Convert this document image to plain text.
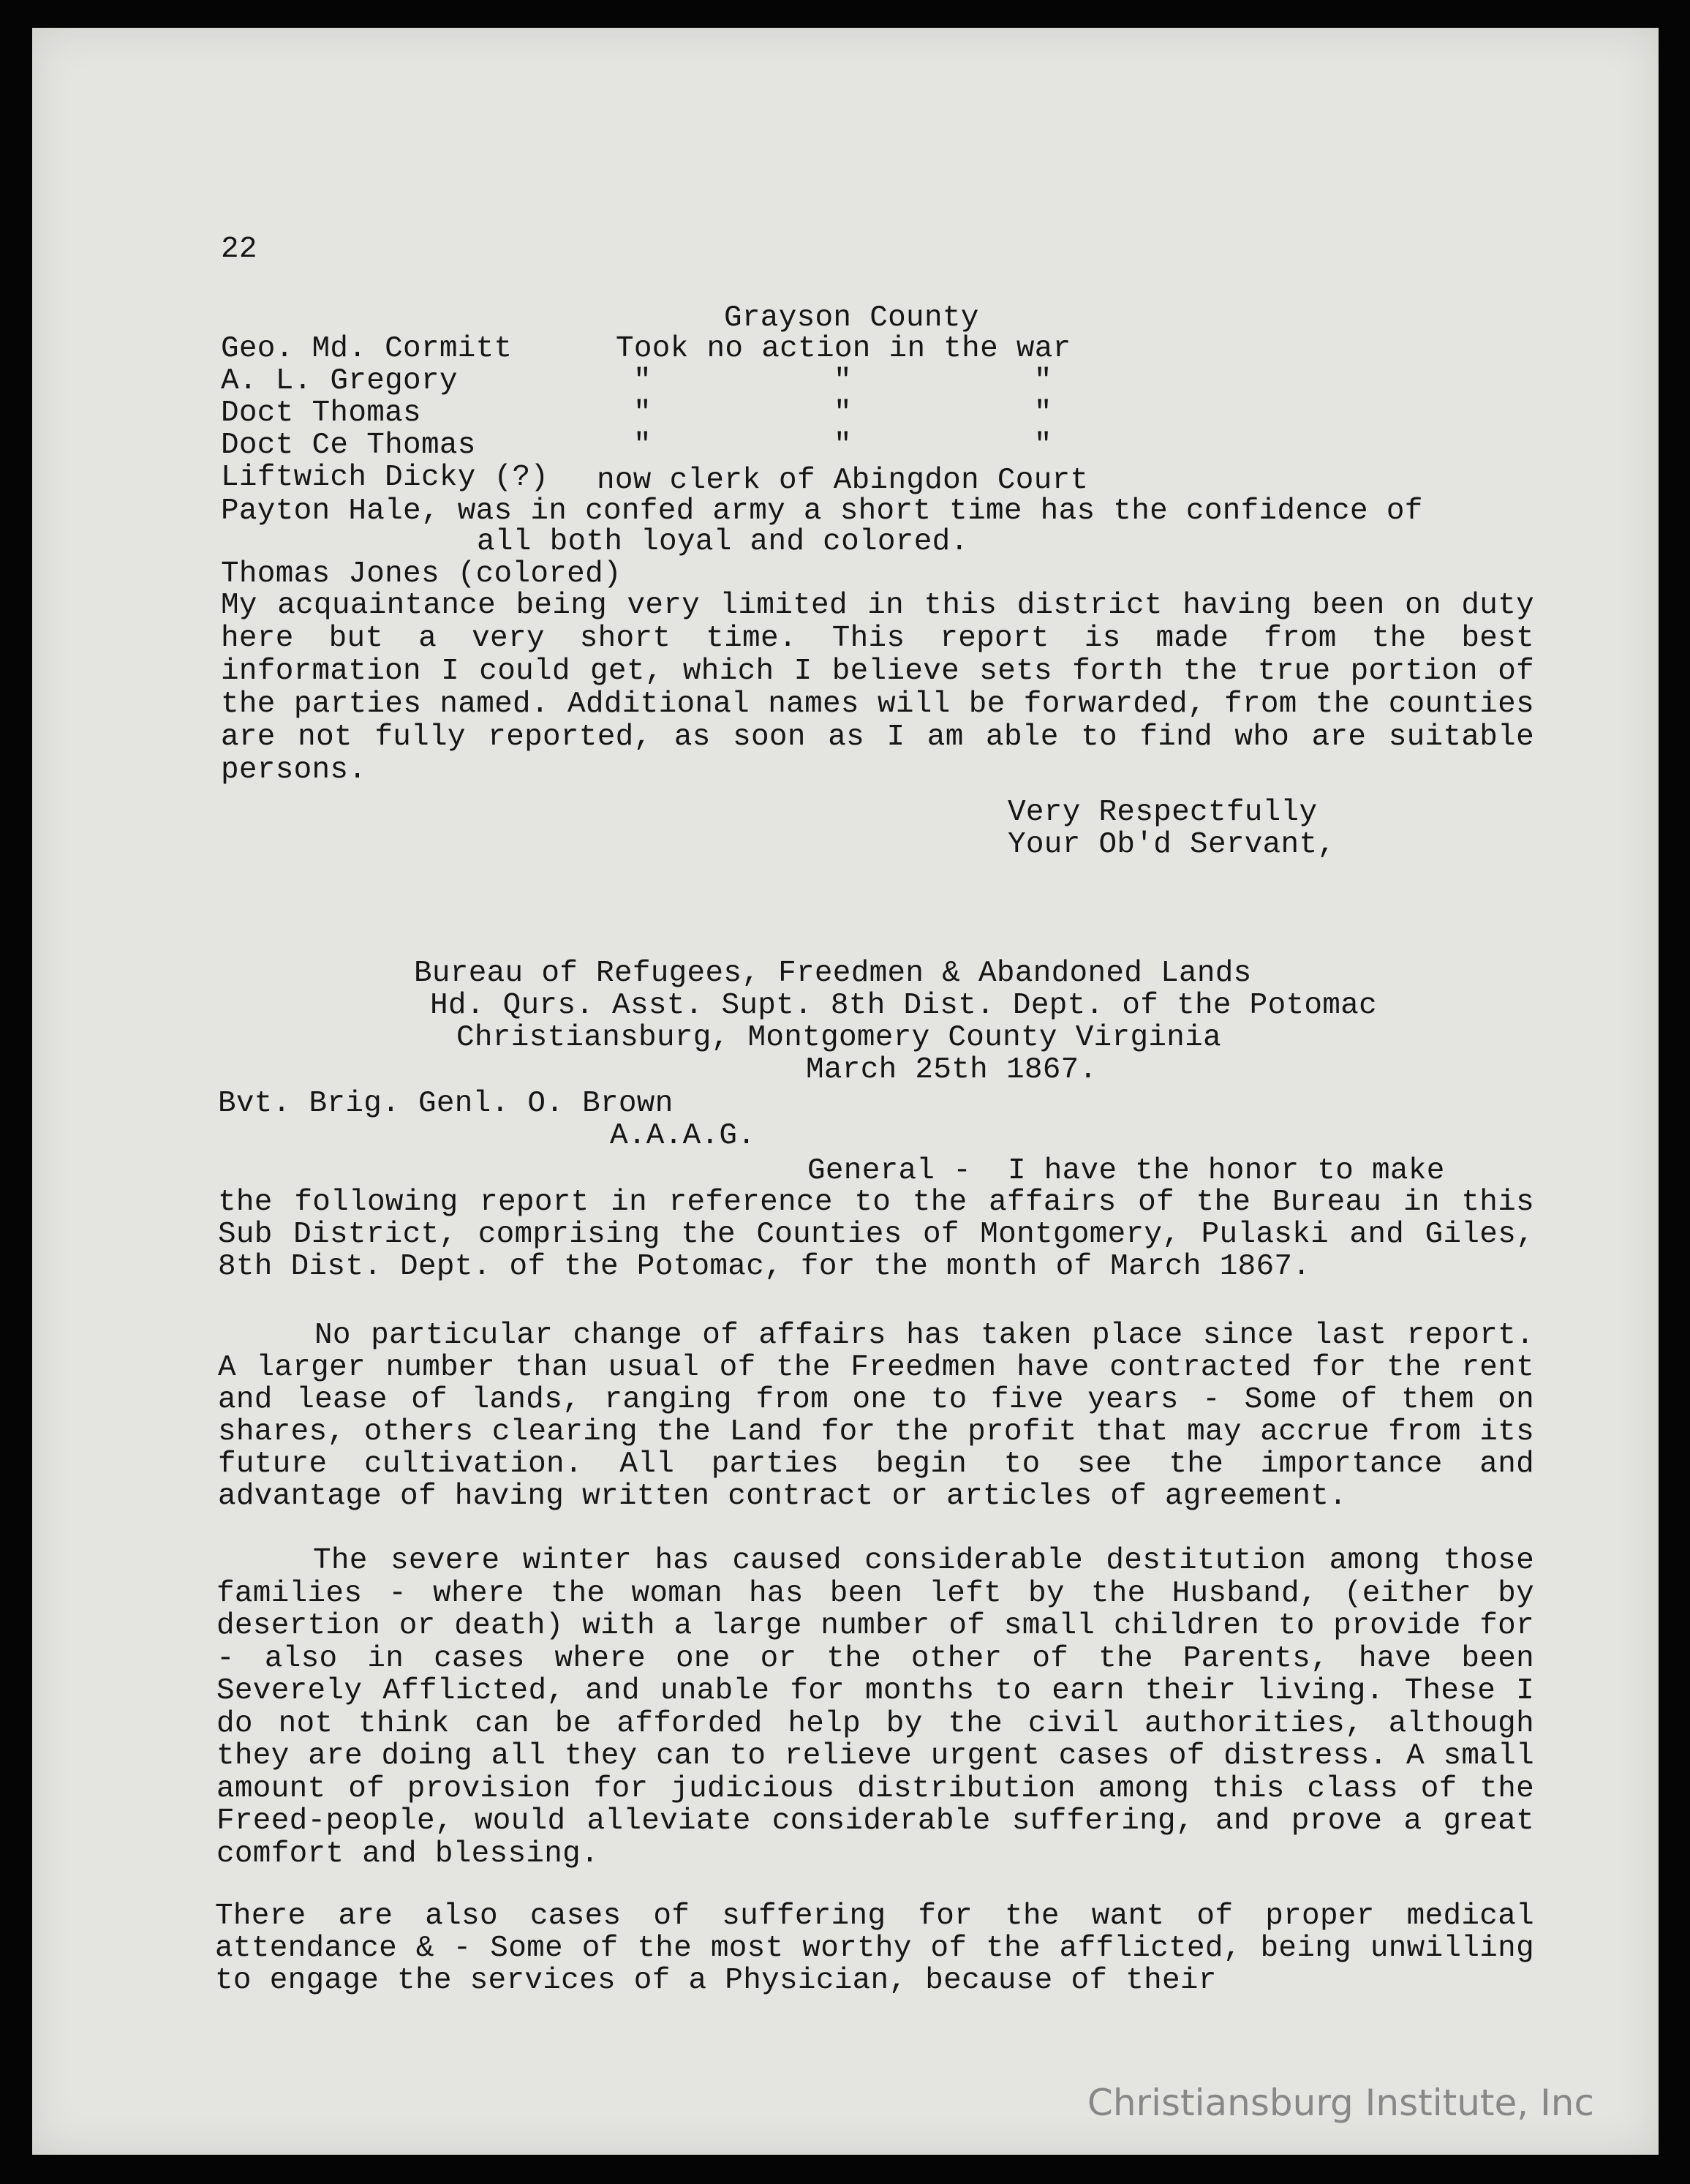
22
Grayson County
Geo. Md. Cormitt	Took no action in the war
A. L. Gregory	"          "          "
Doct Thomas	"          "          "
Doct Ce Thomas	"          "          "
Liftwich Dicky (?) now clerk of Abingdon Court
Payton Hale, was in confed army a short time has the confidence of
all both loyal and colored.
Thomas Jones (colored)
My acquaintance being very limited in this district having been on duty here but a very short time. This report is made from the best information I could get, which I believe sets forth the true portion of the parties named. Additional names will be forwarded, from the counties are not fully reported, as soon as I am able to find who are suitable persons.
Very Respectfully
Your Ob'd Servant,
Bureau of Refugees, Freedmen & Abandoned Lands
Hd. Qurs. Asst. Supt. 8th Dist. Dept. of the Potomac
Christiansburg, Montgomery County Virginia
March 25th 1867.
Bvt. Brig. Genl. O. Brown
A.A.A.G.
General -  I have the honor to make
the following report in reference to the affairs of the Bureau in this Sub District, comprising the Counties of Montgomery, Pulaski and Giles, 8th Dist. Dept. of the Potomac, for the month of March 1867.
No particular change of affairs has taken place since last report. A larger number than usual of the Freedmen have contracted for the rent and lease of lands, ranging from one to five years - Some of them on shares, others clearing the Land for the profit that may accrue from its future cultivation. All parties begin to see the importance and advantage of having written contract or articles of agreement.
The severe winter has caused considerable destitution among those families - where the woman has been left by the Husband, (either by desertion or death) with a large number of small children to provide for - also in cases where one or the other of the Parents, have been Severely Afflicted, and unable for months to earn their living. These I do not think can be afforded help by the civil authorities, although they are doing all they can to relieve urgent cases of distress. A small amount of provision for judicious distribution among this class of the Freed-people, would alleviate considerable suffering, and prove a great comfort and blessing.
There are also cases of suffering for the want of proper medical attendance & - Some of the most worthy of the afflicted, being unwilling to engage the services of a Physician, because of their
Christiansburg Institute, Inc
